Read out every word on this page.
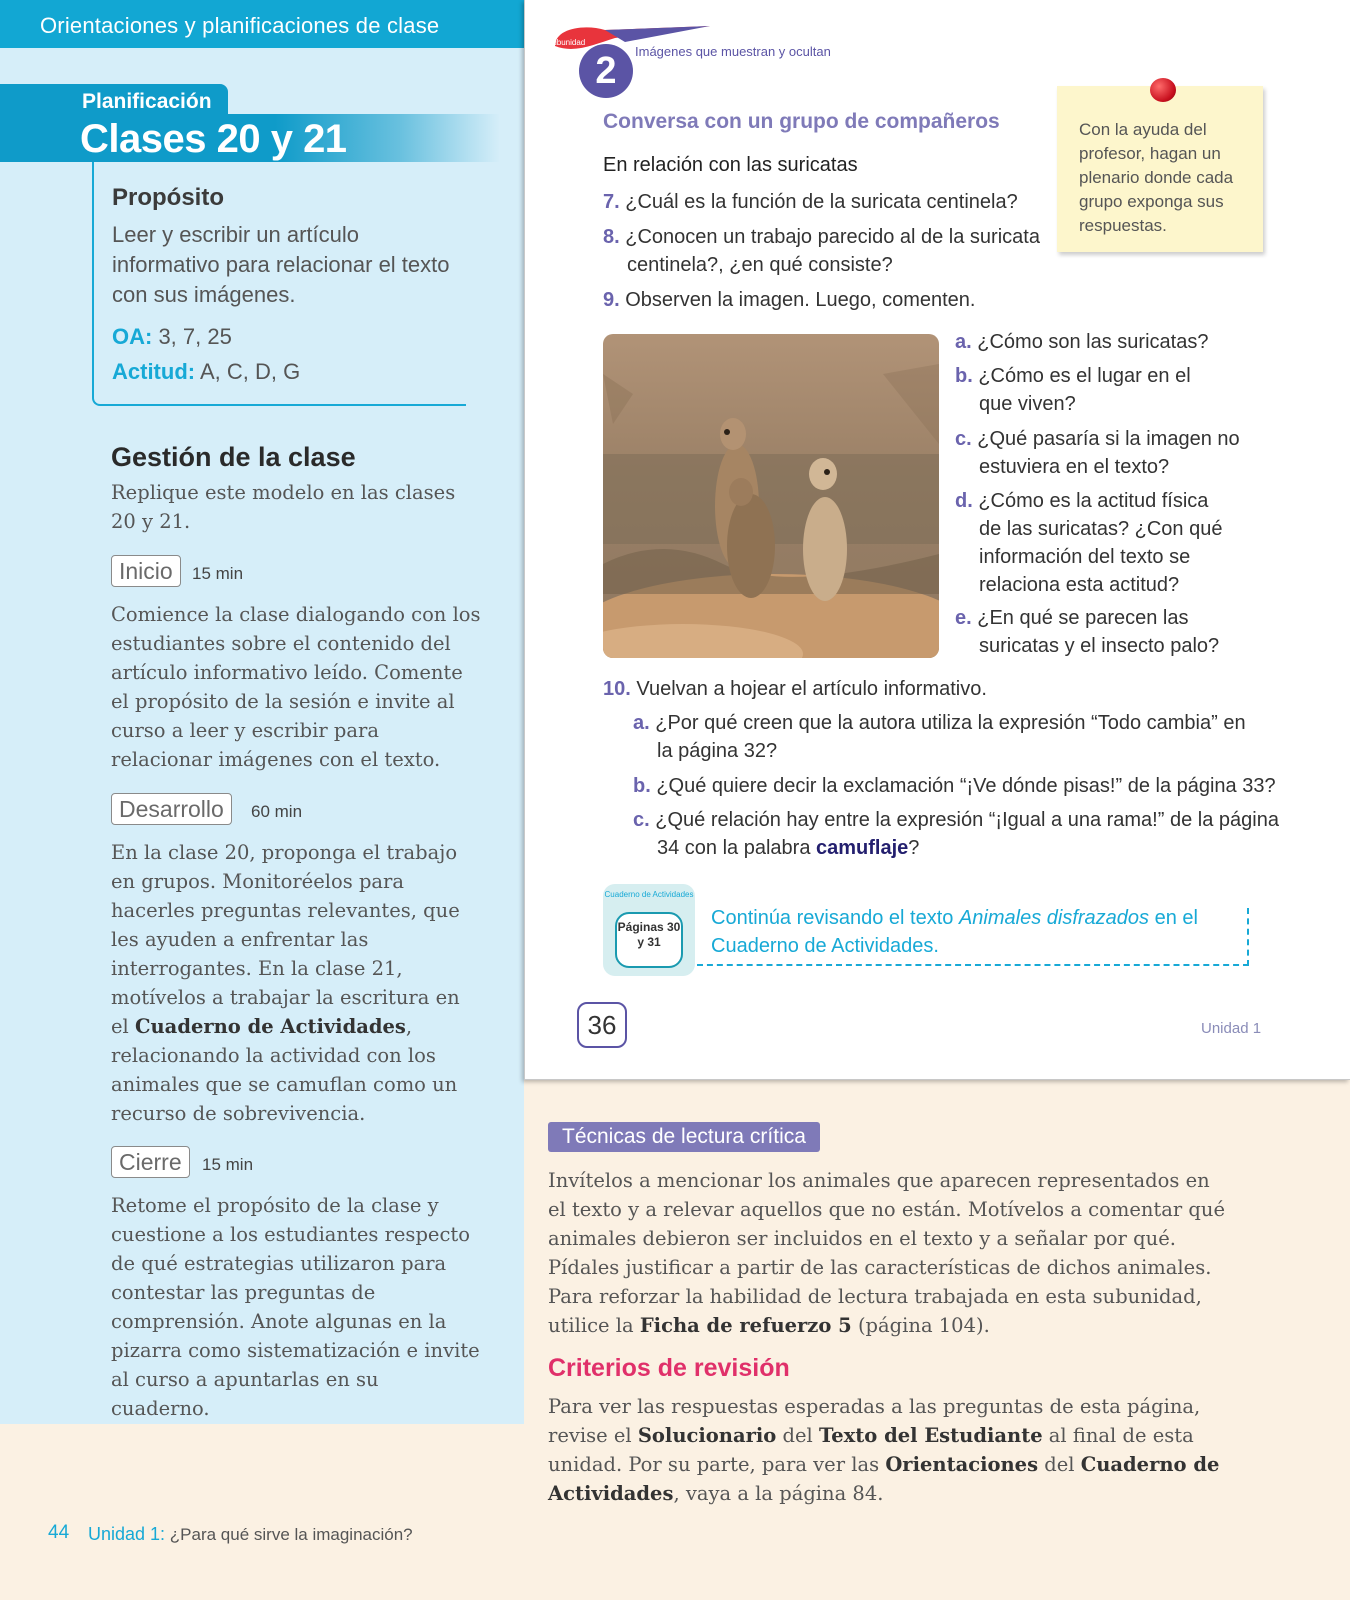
Orientaciones y planificaciones de clase
Planificación
Clases 20 y 21
Propósito
Leer y escribir un artículo informativo para relacionar el texto con sus imágenes.
OA: 3, 7, 25
Actitud: A, C, D, G
Gestión de la clase
Replique este modelo en las clases 20 y 21.
Inicio	15 min
Comience la clase dialogando con los estudiantes sobre el contenido del artículo informativo leído. Comente el propósito de la sesión e invite al curso a leer y escribir para relacionar imágenes con el texto.
Desarrollo	60 min
En la clase 20, proponga el trabajo en grupos. Monitoréelos para hacerles preguntas relevantes, que les ayuden a enfrentar las interrogantes. En la clase 21, motívelos a trabajar la escritura en el Cuaderno de Actividades, relacionando la actividad con los animales que se camuflan como un recurso de sobrevivencia.
Cierre	15 min
Retome el propósito de la clase y cuestione a los estudiantes respecto de qué estrategias utilizaron para contestar las preguntas de comprensión. Anote algunas en la pizarra como sistematización e invite al curso a apuntarlas en su cuaderno.
44 Unidad 1: ¿Para qué sirve la imaginación?
Subunidad
2	Imágenes que muestran y ocultan
Conversa con un grupo de compañeros
En relación con las suricatas
7. ¿Cuál es la función de la suricata centinela?
8. ¿Conocen un trabajo parecido al de la suricata centinela?, ¿en qué consiste?
9. Observen la imagen. Luego, comenten.
Con la ayuda del profesor, hagan un plenario donde cada grupo exponga sus respuestas.
a. ¿Cómo son las suricatas?
b. ¿Cómo es el lugar en el que viven?
c. ¿Qué pasaría si la imagen no estuviera en el texto?
d. ¿Cómo es la actitud física de las suricatas? ¿Con qué información del texto se relaciona esta actitud?
e. ¿En qué se parecen las suricatas y el insecto palo?
10. Vuelvan a hojear el artículo informativo.
a. ¿Por qué creen que la autora utiliza la expresión “Todo cambia” en la página 32?
b. ¿Qué quiere decir la exclamación “¡Ve dónde pisas!” de la página 33?
c. ¿Qué relación hay entre la expresión “¡Igual a una rama!” de la página 34 con la palabra camuflaje?
Cuaderno de Actividades
Páginas 30 y 31
Continúa revisando el texto Animales disfrazados en el Cuaderno de Actividades.
36	Unidad 1
Técnicas de lectura crítica
Invítelos a mencionar los animales que aparecen representados en el texto y a relevar aquellos que no están. Motívelos a comentar qué animales debieron ser incluidos en el texto y a señalar por qué. Pídales justificar a partir de las características de dichos animales. Para reforzar la habilidad de lectura trabajada en esta subunidad, utilice la Ficha de refuerzo 5 (página 104).
Criterios de revisión
Para ver las respuestas esperadas a las preguntas de esta página, revise el Solucionario del Texto del Estudiante al final de esta unidad. Por su parte, para ver las Orientaciones del Cuaderno de Actividades, vaya a la página 84.
